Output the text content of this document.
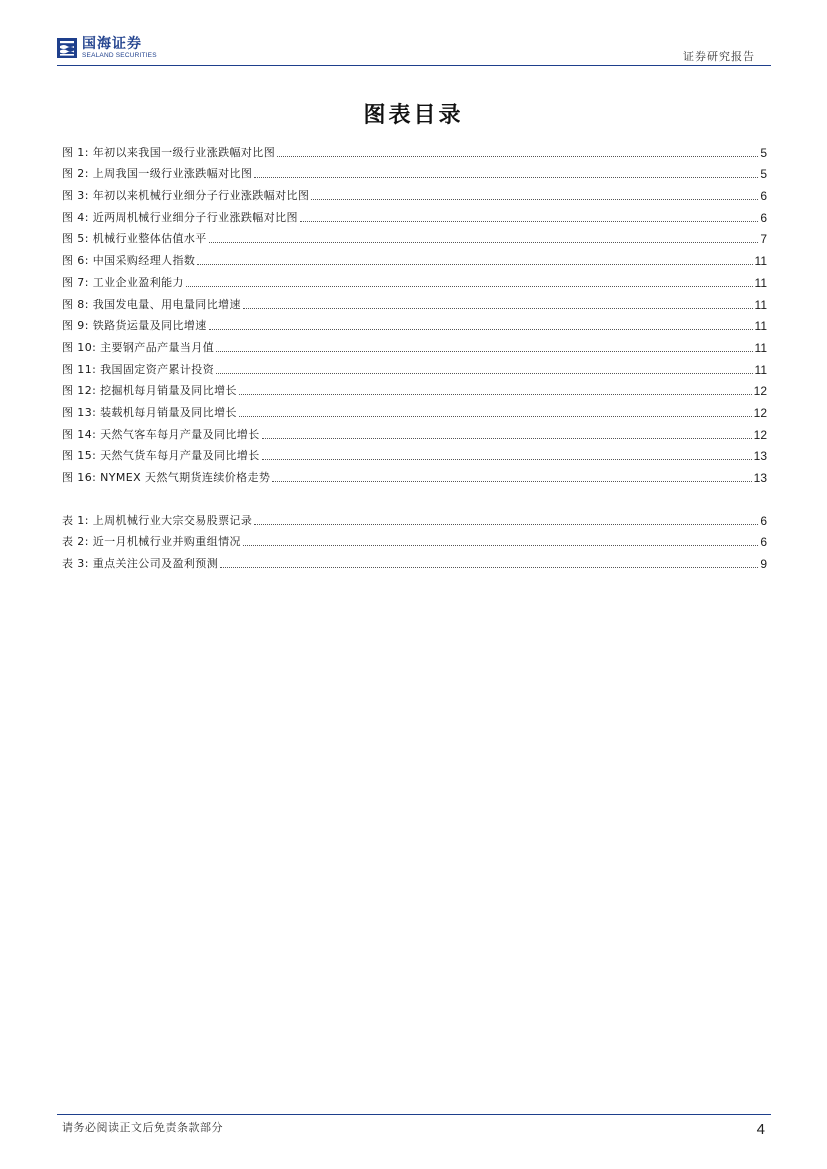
国海证券
SEALAND SECURITIES	证券研究报告
图表目录
图 1: 年初以来我国一级行业涨跌幅对比图	5
图 2: 上周我国一级行业涨跌幅对比图	5
图 3: 年初以来机械行业细分子行业涨跌幅对比图	6
图 4: 近两周机械行业细分子行业涨跌幅对比图	6
图 5: 机械行业整体估值水平	7
图 6: 中国采购经理人指数	11
图 7: 工业企业盈利能力	11
图 8: 我国发电量、用电量同比增速	11
图 9: 铁路货运量及同比增速	11
图 10: 主要钢产品产量当月值	11
图 11: 我国固定资产累计投资	11
图 12: 挖掘机每月销量及同比增长	12
图 13: 装载机每月销量及同比增长	12
图 14: 天然气客车每月产量及同比增长	12
图 15: 天然气货车每月产量及同比增长	13
图 16: NYMEX 天然气期货连续价格走势	13
表 1: 上周机械行业大宗交易股票记录	6
表 2: 近一月机械行业并购重组情况	6
表 3: 重点关注公司及盈利预测	9
请务必阅读正文后免责条款部分	4
